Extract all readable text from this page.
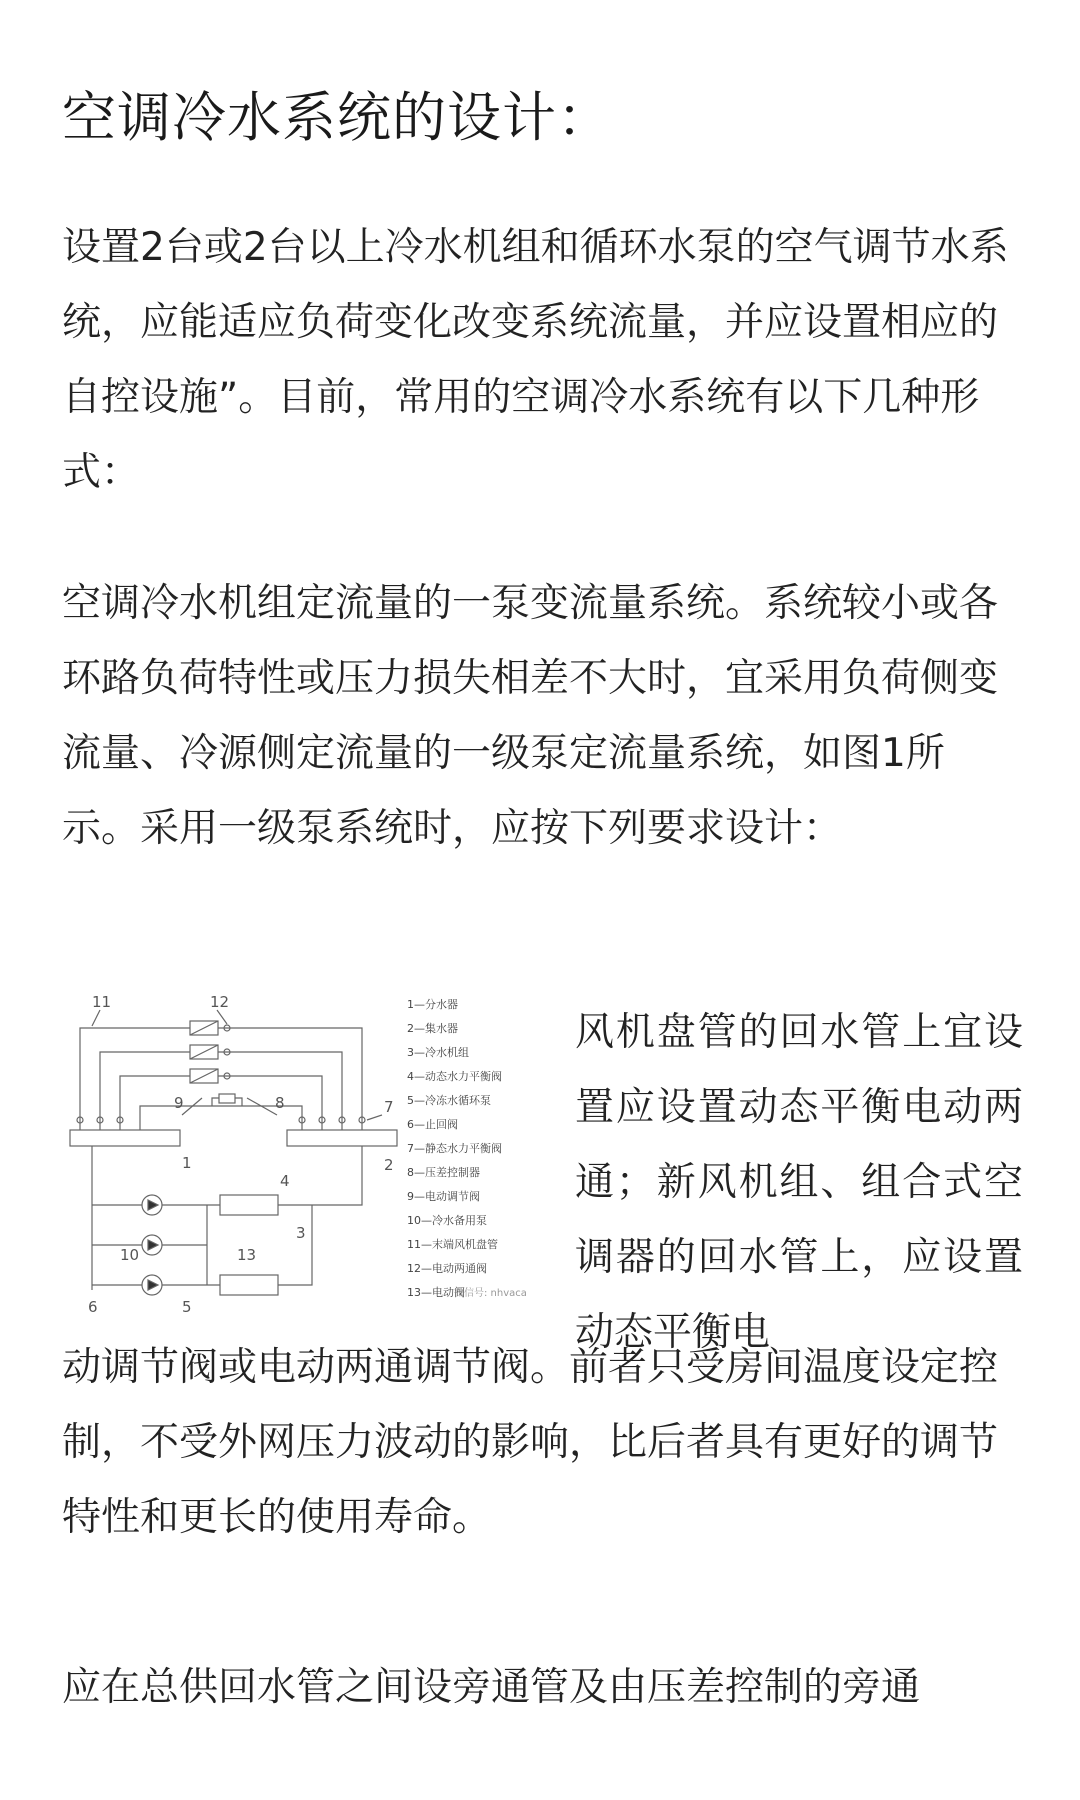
空调冷水系统的设计：

设置2台或2台以上冷水机组和循环水泵的空气调节水系统，应能适应负荷变化改变系统流量，并应设置相应的自控设施”。目前，常用的空调冷水系统有以下几种形式：

空调冷水机组定流量的一泵变流量系统。系统较小或各环路负荷特性或压力损失相差不大时，宜采用负荷侧变流量、冷源侧定流量的一级泵定流量系统，如图1所示。采用一级泵系统时，应按下列要求设计：

11	12
9	8	7
1	2
4
3
10	13
6	5
1—分水器
2—集水器
3—冷水机组
4—动态水力平衡阀
5—冷冻水循环泵
6—止回阀
7—静态水力平衡阀
8—压差控制器
9—电动调节阀
10—冷水备用泵
11—末端风机盘管
12—电动两通阀
13—电动阀
微信号: nhvaca

风机盘管的回水管上宜设置应设置动态平衡电动两通；新风机组、组合式空调器的回水管上，应设置动态平衡电

动调节阀或电动两通调节阀。前者只受房间温度设定控制，不受外网压力波动的影响，比后者具有更好的调节特性和更长的使用寿命。

应在总供回水管之间设旁通管及由压差控制的旁通
